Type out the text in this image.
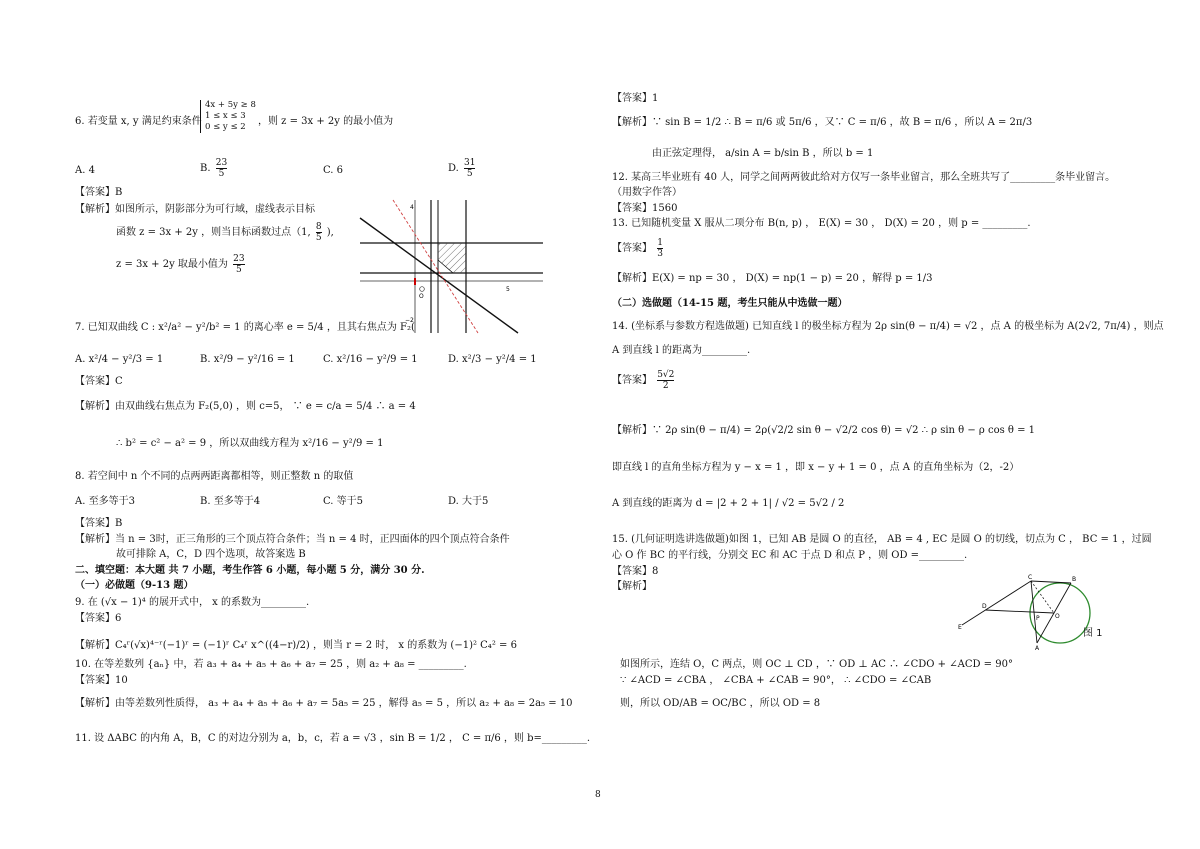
6. 若变量 x, y 满足约束条件
4x + 5y ≥ 8
1 ≤ x ≤ 3
0 ≤ y ≤ 2	，则 z = 3x + 2y 的最小值为
A. 4	B. $\frac{23}{5}$	C. 6	D. $\frac{31}{5}$
【答案】B
【解析】如图所示，阴影部分为可行域，虚线表示目标
函数 z = 3x + 2y ，则当目标函数过点（1, $\frac{8}{5}$ ),
z = 3x + 2y 取最小值为 $\frac{23}{5}$
4
5
−2
O
7. 已知双曲线 C : x²/a² − y²/b² = 1 的离心率 e = 5/4 ，且其右焦点为 F₂(
A. x²/4 − y²/3 = 1	B. x²/9 − y²/16 = 1	C. x²/16 − y²/9 = 1	D. x²/3 − y²/4 = 1
【答案】C
【解析】由双曲线右焦点为 F₂(5,0) ，则 c=5， ∵ e = c/a = 5/4 ∴ a = 4
∴ b² = c² − a² = 9 ，所以双曲线方程为 x²/16 − y²/9 = 1
8. 若空间中 n 个不同的点两两距离都相等，则正整数 n 的取值
A. 至多等于3	B. 至多等于4	C. 等于5	D. 大于5
【答案】B
【解析】当 n = 3时，正三角形的三个顶点符合条件；当 n = 4 时，正四面体的四个顶点符合条件
故可排除 A，C，D 四个选项，故答案选 B
二、填空题：本大题 共 7 小题，考生作答 6 小题，每小题 5 分，满分 30 分.
（一）必做题（9-13 题）
9. 在 (√x − 1)⁴ 的展开式中， x 的系数为_________.
【答案】6
【解析】C₄ʳ(√x)⁴⁻ʳ(−1)ʳ = (−1)ʳ C₄ʳ x^((4−r)/2) ，则当 r = 2 时， x 的系数为 (−1)² C₄² = 6
10. 在等差数列 {aₙ} 中，若 a₃ + a₄ + a₅ + a₆ + a₇ = 25 ，则 a₂ + a₈ = _________.
【答案】10
【解析】由等差数列性质得， a₃ + a₄ + a₅ + a₆ + a₇ = 5a₅ = 25 ，解得 a₅ = 5 ，所以 a₂ + a₈ = 2a₅ = 10
11. 设 ΔABC 的内角 A，B，C 的对边分别为 a，b，c，若 a = √3 ，sin B = 1/2 ， C = π/6 ，则 b=_________.
【答案】1
【解析】∵ sin B = 1/2 ∴ B = π/6 或 5π/6 ，又∵ C = π/6 ，故 B = π/6 ，所以 A = 2π/3
由正弦定理得， a/sin A = b/sin B ，所以 b = 1
12. 某高三毕业班有 40 人，同学之间两两彼此给对方仅写一条毕业留言，那么全班共写了_________条毕业留言。
（用数字作答）
【答案】1560
13. 已知随机变量 X 服从二项分布 B(n, p) ， E(X) = 30 ， D(X) = 20 ，则 p = _________.
【答案】 $\frac{1}{3}$
【解析】E(X) = np = 30 ， D(X) = np(1 − p) = 20 ，解得 p = 1/3
（二）选做题（14-15 题，考生只能从中选做一题）
14. (坐标系与参数方程选做题) 已知直线 l 的极坐标方程为 2ρ sin(θ − π/4) = √2 ，点 A 的极坐标为 A(2√2, 7π/4) ，则点
A 到直线 l 的距离为_________.
【答案】 $\frac{5√2}{2}$
【解析】∵ 2ρ sin(θ − π/4) = 2ρ(√2/2 sin θ − √2/2 cos θ) = √2 ∴ ρ sin θ − ρ cos θ = 1
即直线 l 的直角坐标方程为 y − x = 1 ，即 x − y + 1 = 0 ，点 A 的直角坐标为（2，-2）
A 到直线的距离为 d = |2 + 2 + 1| / √2 = 5√2 / 2
15. (几何证明选讲选做题)如图 1，已知 AB 是圆 O 的直径， AB = 4 , EC 是圆 O 的切线，切点为 C ， BC = 1 ，过圆
心 O 作 BC 的平行线，分别交 EC 和 AC 于点 D 和点 P ，则 OD =_________.
【答案】8
【解析】
C	B
D
P	O
A
E
图 1
如图所示，连结 O，C 两点，则 OC ⊥ CD ，∵ OD ⊥ AC ∴ ∠CDO + ∠ACD = 90°
∵ ∠ACD = ∠CBA ， ∠CBA + ∠CAB = 90°， ∴ ∠CDO = ∠CAB
则，所以 OD/AB = OC/BC ，所以 OD = 8
8
